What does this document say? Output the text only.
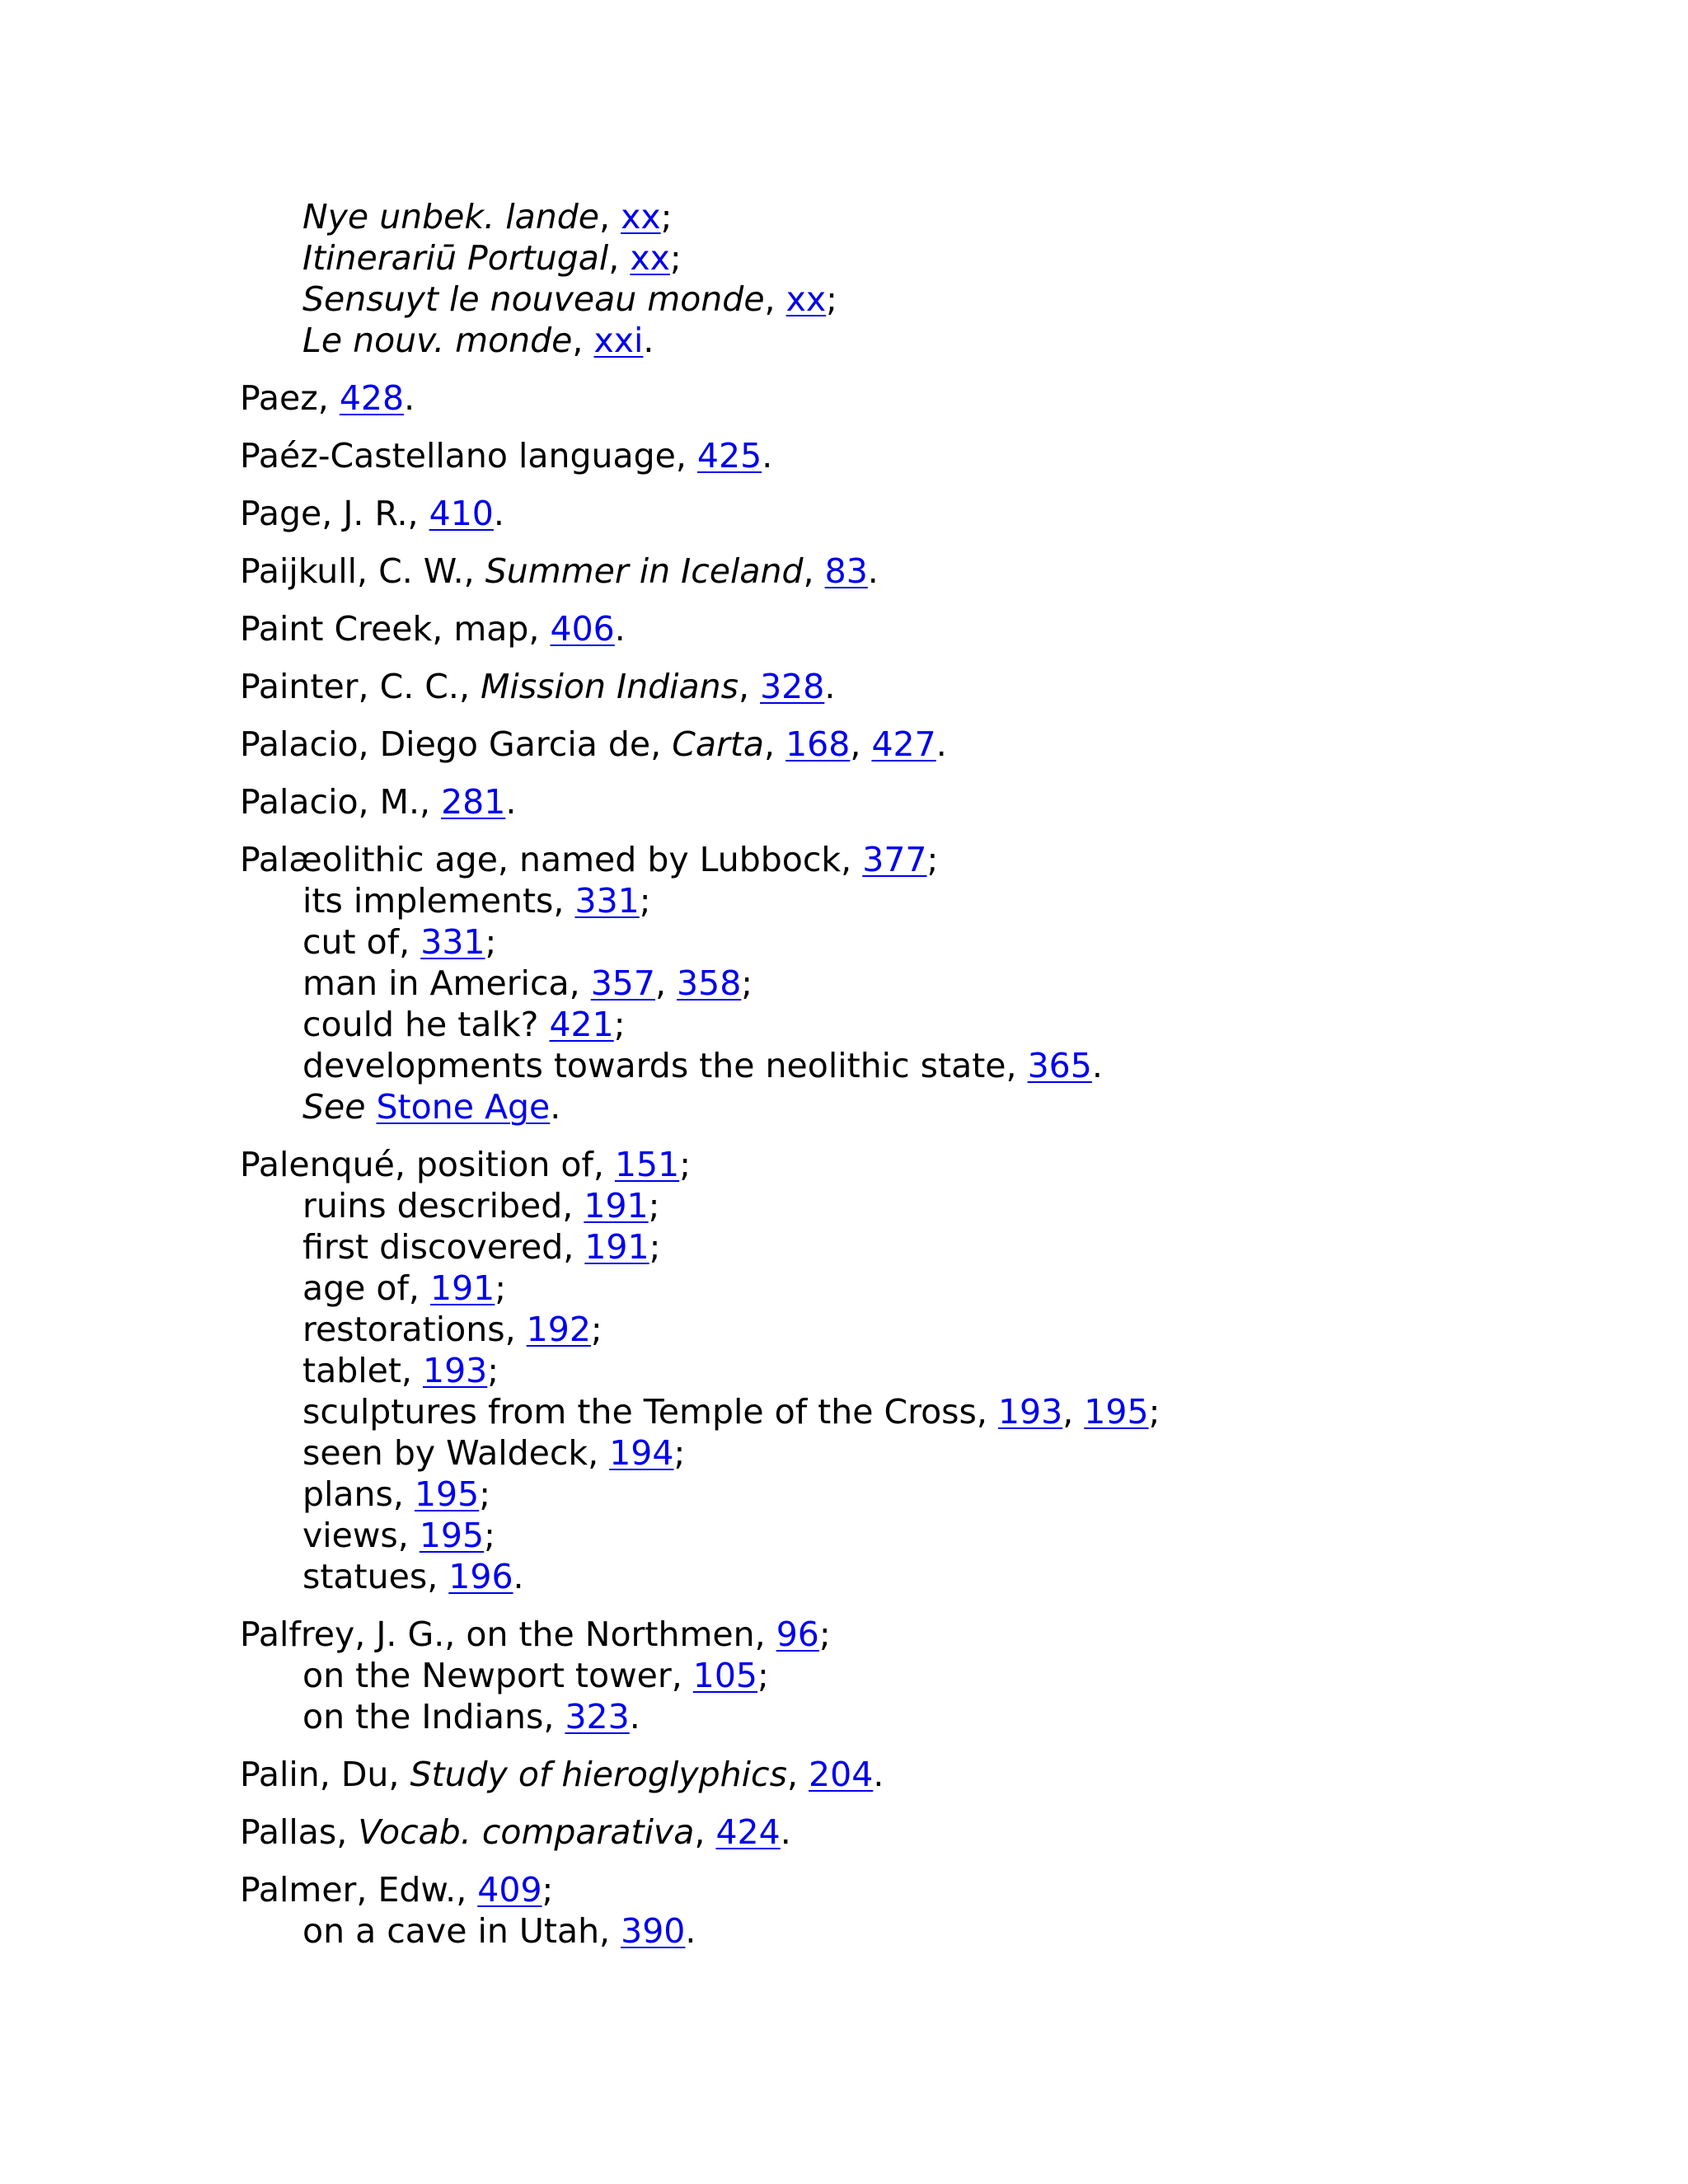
Nye unbek. lande, xx;
Itinerariū Portugal, xx;
Sensuyt le nouveau monde, xx;
Le nouv. monde, xxi.
Paez, 428.
Paéz-Castellano language, 425.
Page, J. R., 410.
Paijkull, C. W., Summer in Iceland, 83.
Paint Creek, map, 406.
Painter, C. C., Mission Indians, 328.
Palacio, Diego Garcia de, Carta, 168, 427.
Palacio, M., 281.
Palæolithic age, named by Lubbock, 377;
its implements, 331;
cut of, 331;
man in America, 357, 358;
could he talk? 421;
developments towards the neolithic state, 365.
See Stone Age.
Palenqué, position of, 151;
ruins described, 191;
first discovered, 191;
age of, 191;
restorations, 192;
tablet, 193;
sculptures from the Temple of the Cross, 193, 195;
seen by Waldeck, 194;
plans, 195;
views, 195;
statues, 196.
Palfrey, J. G., on the Northmen, 96;
on the Newport tower, 105;
on the Indians, 323.
Palin, Du, Study of hieroglyphics, 204.
Pallas, Vocab. comparativa, 424.
Palmer, Edw., 409;
on a cave in Utah, 390.
